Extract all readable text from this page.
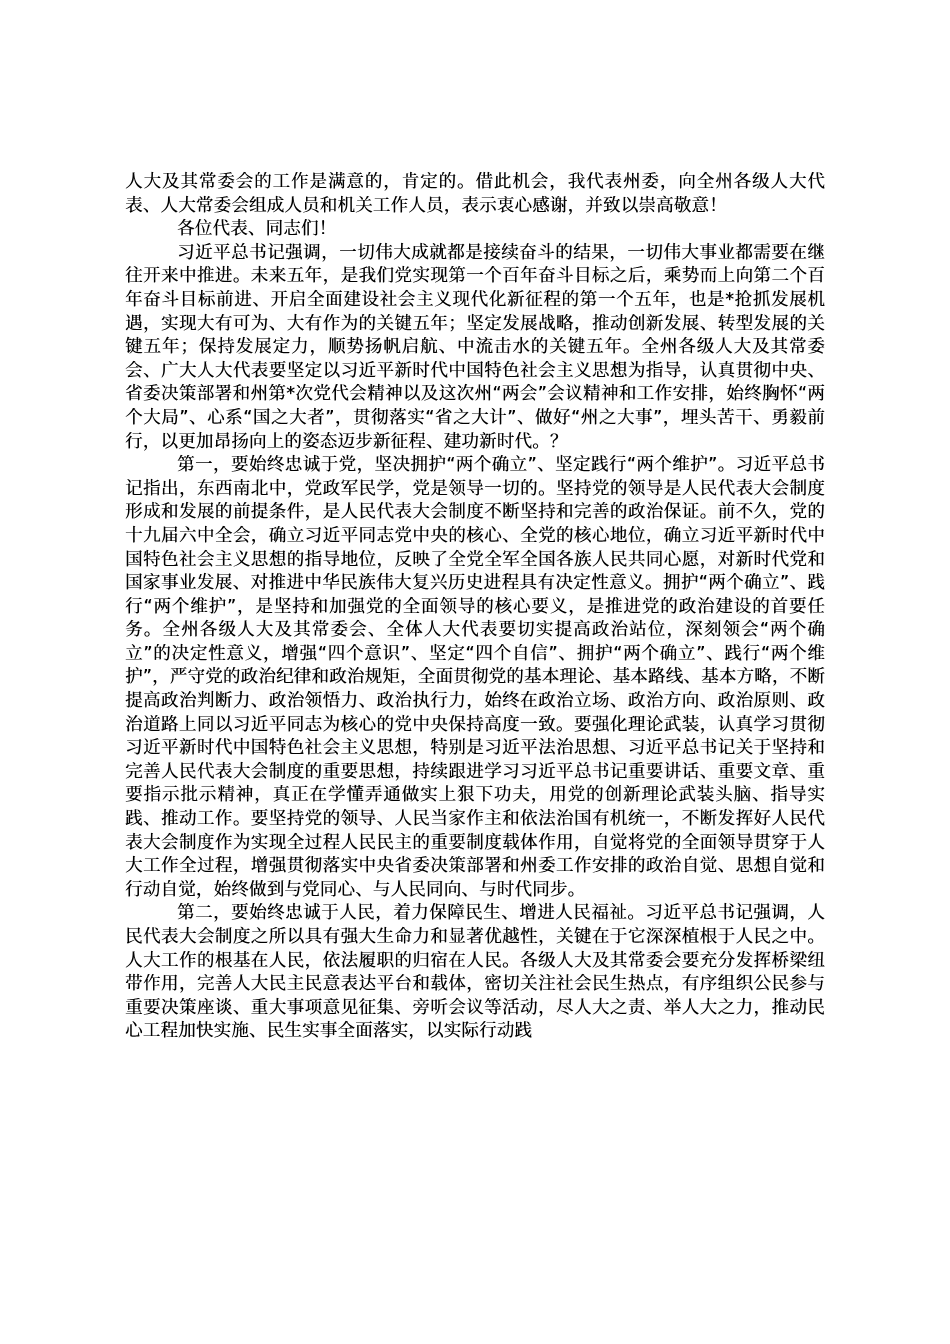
人大及其常委会的工作是满意的，肯定的。借此机会，我代表州委，向全州各级人大代表、人大常委会组成人员和机关工作人员，表示衷心感谢，并致以崇高敬意！

各位代表、同志们！

习近平总书记强调，一切伟大成就都是接续奋斗的结果，一切伟大事业都需要在继往开来中推进。未来五年，是我们党实现第一个百年奋斗目标之后，乘势而上向第二个百年奋斗目标前进、开启全面建设社会主义现代化新征程的第一个五年，也是*抢抓发展机遇，实现大有可为、大有作为的关键五年；坚定发展战略，推动创新发展、转型发展的关键五年；保持发展定力，顺势扬帆启航、中流击水的关键五年。全州各级人大及其常委会、广大人大代表要坚定以习近平新时代中国特色社会主义思想为指导，认真贯彻中央、省委决策部署和州第*次党代会精神以及这次州“两会”会议精神和工作安排，始终胸怀“两个大局”、心系“国之大者”，贯彻落实“省之大计”、做好“州之大事”，埋头苦干、勇毅前行，以更加昂扬向上的姿态迈步新征程、建功新时代。？

第一，要始终忠诚于党，坚决拥护“两个确立”、坚定践行“两个维护”。习近平总书记指出，东西南北中，党政军民学，党是领导一切的。坚持党的领导是人民代表大会制度形成和发展的前提条件，是人民代表大会制度不断坚持和完善的政治保证。前不久，党的十九届六中全会，确立习近平同志党中央的核心、全党的核心地位，确立习近平新时代中国特色社会主义思想的指导地位，反映了全党全军全国各族人民共同心愿，对新时代党和国家事业发展、对推进中华民族伟大复兴历史进程具有决定性意义。拥护“两个确立”、践行“两个维护”，是坚持和加强党的全面领导的核心要义，是推进党的政治建设的首要任务。全州各级人大及其常委会、全体人大代表要切实提高政治站位，深刻领会“两个确立”的决定性意义，增强“四个意识”、坚定“四个自信”、拥护“两个确立”、践行“两个维护”，严守党的政治纪律和政治规矩，全面贯彻党的基本理论、基本路线、基本方略，不断提高政治判断力、政治领悟力、政治执行力，始终在政治立场、政治方向、政治原则、政治道路上同以习近平同志为核心的党中央保持高度一致。要强化理论武装，认真学习贯彻习近平新时代中国特色社会主义思想，特别是习近平法治思想、习近平总书记关于坚持和完善人民代表大会制度的重要思想，持续跟进学习习近平总书记重要讲话、重要文章、重要指示批示精神，真正在学懂弄通做实上狠下功夫，用党的创新理论武装头脑、指导实践、推动工作。要坚持党的领导、人民当家作主和依法治国有机统一，不断发挥好人民代表大会制度作为实现全过程人民民主的重要制度载体作用，自觉将党的全面领导贯穿于人大工作全过程，增强贯彻落实中央省委决策部署和州委工作安排的政治自觉、思想自觉和行动自觉，始终做到与党同心、与人民同向、与时代同步。

第二，要始终忠诚于人民，着力保障民生、增进人民福祉。习近平总书记强调，人民代表大会制度之所以具有强大生命力和显著优越性，关键在于它深深植根于人民之中。人大工作的根基在人民，依法履职的归宿在人民。各级人大及其常委会要充分发挥桥梁纽带作用，完善人大民主民意表达平台和载体，密切关注社会民生热点，有序组织公民参与重要决策座谈、重大事项意见征集、旁听会议等活动，尽人大之责、举人大之力，推动民心工程加快实施、民生实事全面落实，以实际行动践
